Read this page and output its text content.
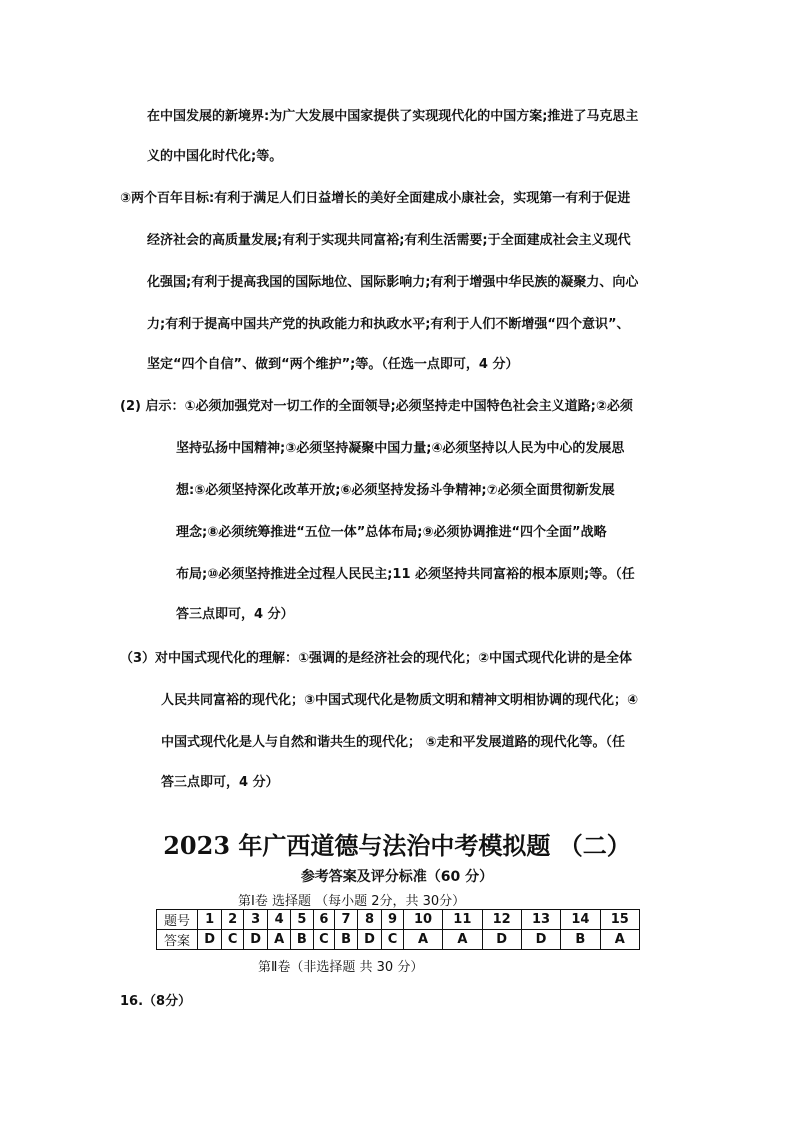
在中国发展的新境界:为广大发展中国家提供了实现现代化的中国方案;推进了马克思主
义的中国化时代化;等。
③两个百年目标:有利于满足人们日益增长的美好全面建成小康社会，实现第一有利于促进
经济社会的高质量发展;有利于实现共同富裕;有利生活需要;于全面建成社会主义现代
化强国;有利于提高我国的国际地位、国际影响力;有利于增强中华民族的凝聚力、向心
力;有利于提高中国共产党的执政能力和执政水平;有利于人们不断增强“四个意识”、
坚定“四个自信”、做到“两个维护”;等。（任选一点即可，4 分）
(2) 启示：①必须加强党对一切工作的全面领导;必须坚持走中国特色社会主义道路;②必须
坚持弘扬中国精神;③必须坚持凝聚中国力量;④必须坚持以人民为中心的发展思
想:⑤必须坚持深化改革开放;⑥必须坚持发扬斗争精神;⑦必须全面贯彻新发展
理念;⑧必须统筹推进“五位一体”总体布局;⑨必须协调推进“四个全面”战略
布局;⑩必须坚持推进全过程人民民主;11 必须坚持共同富裕的根本原则;等。（任
答三点即可，4 分）
（3）对中国式现代化的理解：①强调的是经济社会的现代化；②中国式现代化讲的是全体
人民共同富裕的现代化；③中国式现代化是物质文明和精神文明相协调的现代化；④
中国式现代化是人与自然和谐共生的现代化； ⑤走和平发展道路的现代化等。（任
答三点即可，4 分）
2023 年广西道德与法治中考模拟题 （二）
参考答案及评分标准（60 分）
第Ⅰ卷 选择题 （每小题 2分，共 30分）
题号	1	2	3	4	5	6	7	8	9	10	11	12	13	14	15
答案	D	C	D	A	B	C	B	D	C	A	A	D	D	B	A
第Ⅱ卷（非选择题 共 30 分）
16.（8分）
